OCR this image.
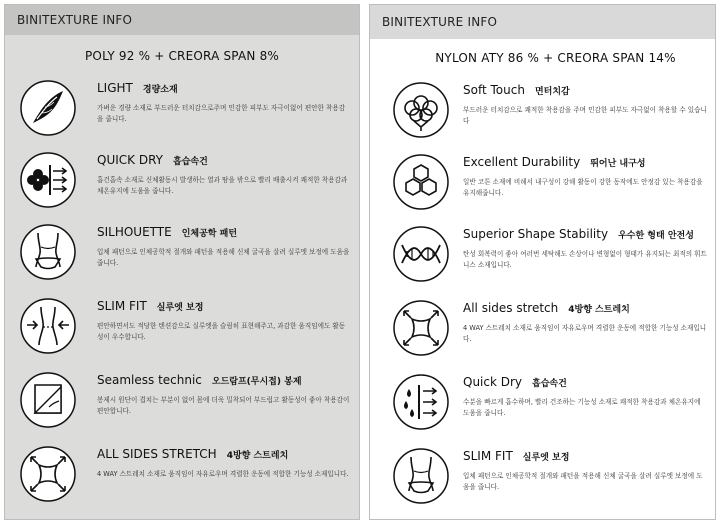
BINITEXTURE INFO
POLY 92 % + CREORA SPAN 8%
LIGHT 경량소재
가벼운 경량 소재로 부드러운 터치감으로주며 민감한 피부도 자극이없어 편안한 착용감을 줍니다.
QUICK DRY 흡습속건
흡건흡속 소재로 신체활동시 발생하는 열과 땀을 밖으로 빨리 배출시켜 쾌적한 착용감과 체온유지에 도움을 줍니다.
SILHOUETTE 인체공학 패턴
입체 패턴으로 인체공학적 절개와 패턴을 적용해 신체 굴곡을 살려 실루엣 보정에 도움을 줍니다.
SLIM FIT 실루엣 보정
편안하면서도 적당한 텐션감으로 실루엣을 슬림히 표현해주고, 과감한 움직임에도 활동성이 우수합니다.
Seamless technic 오드람프(무시접) 봉제
봉제시 원단이 겹치는 부분이 없어 몸에 더욱 밀착되어 부드럽고 활동성이 좋아 착용감이 편안합니다.
ALL SIDES STRETCH 4방향 스트레치
4 WAY 스트레치 소재로 움직임이 자유로우며 격렬한 운동에 적합한 기능성 소재입니다.
BINITEXTURE INFO
NYLON ATY 86 % + CREORA SPAN 14%
Soft Touch 면터치감
부드러운 터치감으로 쾌적한 착용감을 주며 민감한 피부도 자극없이 착용할 수 있습니다
Excellent Durability 뛰어난 내구성
일반 코튼 소재에 비해서 내구성이 강해 활동이 강한 동작에도 안정감 있는 착용감을 유지해줍니다.
Superior Shape Stability 우수한 형태 안전성
탄성 회복력이 좋아 여러번 세탁해도 손상이나 변형없이 형태가 유지되는 최적의 휘트니스 소재입니다.
All sides stretch 4방향 스트레치
4 WAY 스트레치 소재로 움직임이 자유로우며 격렬한 운동에 적합한 기능성 소재입니다.
Quick Dry 흡습속건
수분을 빠르게 흡수하며, 빨리 건조하는 기능성 소재로 쾌적한 착용감과 체온유지에 도움을 줍니다.
SLIM FIT 실루엣 보정
입체 패턴으로 인체공학적 절개와 패턴을 적용해 신체 굴곡을 살려 실루엣 보정에 도움을 줍니다.
